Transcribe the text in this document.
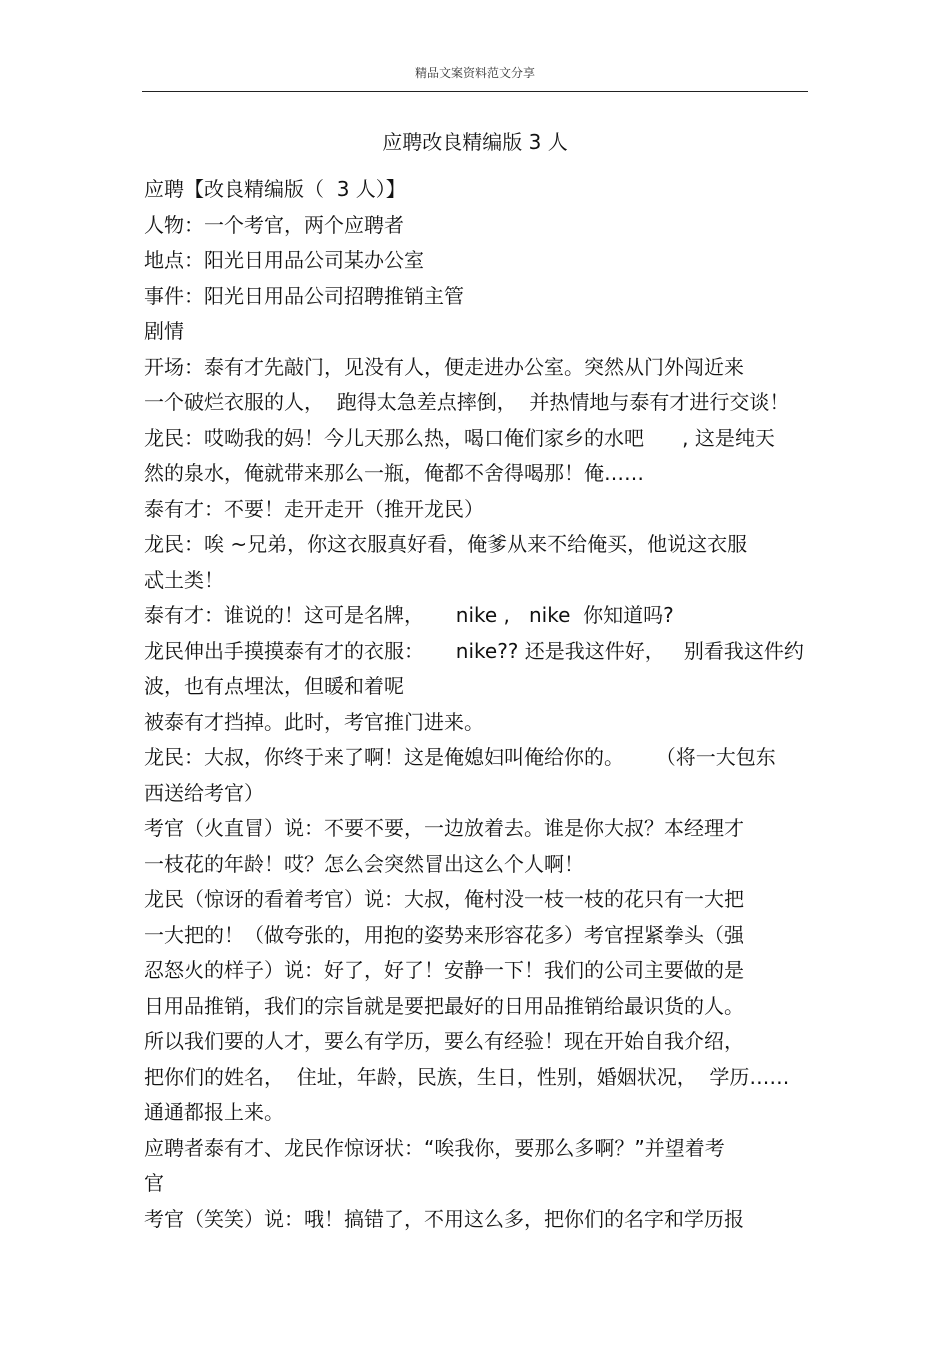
精品文案资料范文分享
应聘改良精编版 3 人
应聘【改良精编版（  3 人）】
人物：一个考官，两个应聘者
地点：阳光日用品公司某办公室
事件：阳光日用品公司招聘推销主管
剧情
开场：泰有才先敲门，见没有人，便走进办公室。突然从门外闯近来
一个破烂衣服的人，  跑得太急差点摔倒，  并热情地与泰有才进行交谈！
龙民：哎呦我的妈！今儿天那么热，喝口俺们家乡的水吧      , 这是纯天
然的泉水，俺就带来那么一瓶，俺都不舍得喝那！俺……
泰有才：不要！走开走开（推开龙民）
龙民：唉 ~兄弟，你这衣服真好看，俺爹从来不给俺买，他说这衣服
忒土类！
泰有才：谁说的！这可是名牌，     nike ,   nike  你知道吗?
龙民伸出手摸摸泰有才的衣服：     nike?? 还是我这件好，   别看我这件约
波，也有点埋汰，但暖和着呢
被泰有才挡掉。此时，考官推门进来。
龙民：大叔，你终于来了啊！这是俺媳妇叫俺给你的。     （将一大包东
西送给考官）
考官（火直冒）说：不要不要，一边放着去。谁是你大叔？本经理才
一枝花的年龄！哎？怎么会突然冒出这么个人啊！
龙民（惊讶的看着考官）说：大叔，俺村没一枝一枝的花只有一大把
一大把的！（做夸张的，用抱的姿势来形容花多）考官捏紧拳头（强
忍怒火的样子）说：好了，好了！安静一下！我们的公司主要做的是
日用品推销，我们的宗旨就是要把最好的日用品推销给最识货的人。
所以我们要的人才，要么有学历，要么有经验！现在开始自我介绍，
把你们的姓名，  住址，年龄，民族，生日，性别，婚姻状况，  学历……
通通都报上来。
应聘者泰有才、龙民作惊讶状：“唉我你，要那么多啊？”并望着考
官
考官（笑笑）说：哦！搞错了，不用这么多，把你们的名字和学历报
